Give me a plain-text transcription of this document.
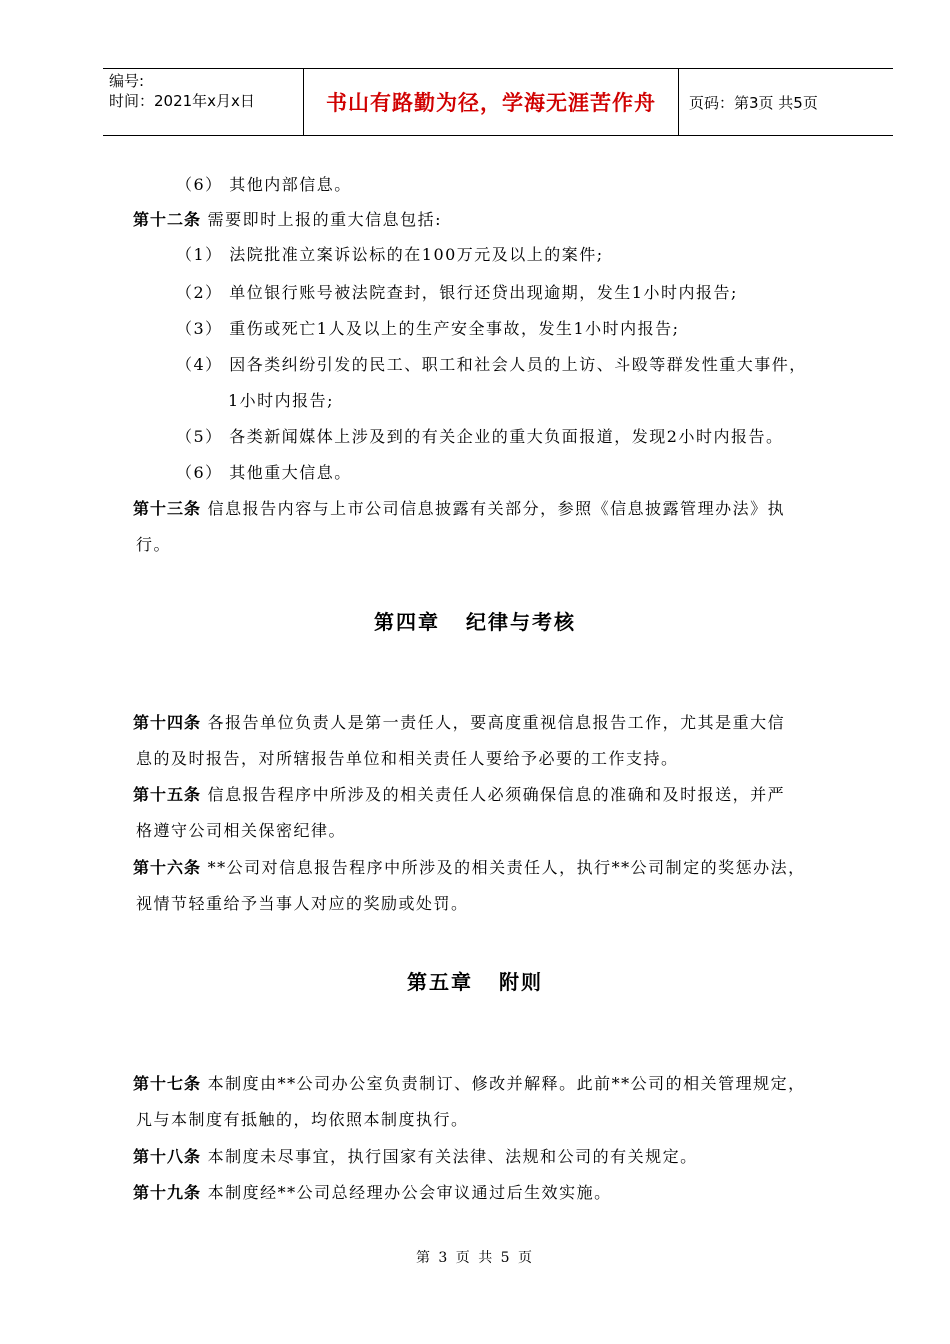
编号:
时间：2021年x月x日	书山有路勤为径，学海无涯苦作舟	页码：第3页 共5页
（6） 其他内部信息。
第十二条 需要即时上报的重大信息包括:
（1） 法院批准立案诉讼标的在100万元及以上的案件;
（2） 单位银行账号被法院查封，银行还贷出现逾期，发生1小时内报告;
（3） 重伤或死亡1人及以上的生产安全事故，发生1小时内报告;
（4） 因各类纠纷引发的民工、职工和社会人员的上访、斗殴等群发性重大事件，
1小时内报告;
（5） 各类新闻媒体上涉及到的有关企业的重大负面报道，发现2小时内报告。
（6） 其他重大信息。
第十三条 信息报告内容与上市公司信息披露有关部分，参照《信息披露管理办法》执
行。
第四章 纪律与考核
第十四条 各报告单位负责人是第一责任人，要高度重视信息报告工作，尤其是重大信
息的及时报告，对所辖报告单位和相关责任人要给予必要的工作支持。
第十五条 信息报告程序中所涉及的相关责任人必须确保信息的准确和及时报送，并严
格遵守公司相关保密纪律。
第十六条 **公司对信息报告程序中所涉及的相关责任人，执行**公司制定的奖惩办法，
视情节轻重给予当事人对应的奖励或处罚。
第五章 附则
第十七条 本制度由**公司办公室负责制订、修改并解释。此前**公司的相关管理规定，
凡与本制度有抵触的，均依照本制度执行。
第十八条 本制度未尽事宜，执行国家有关法律、法规和公司的有关规定。
第十九条 本制度经**公司总经理办公会审议通过后生效实施。
第 3 页 共 5 页
